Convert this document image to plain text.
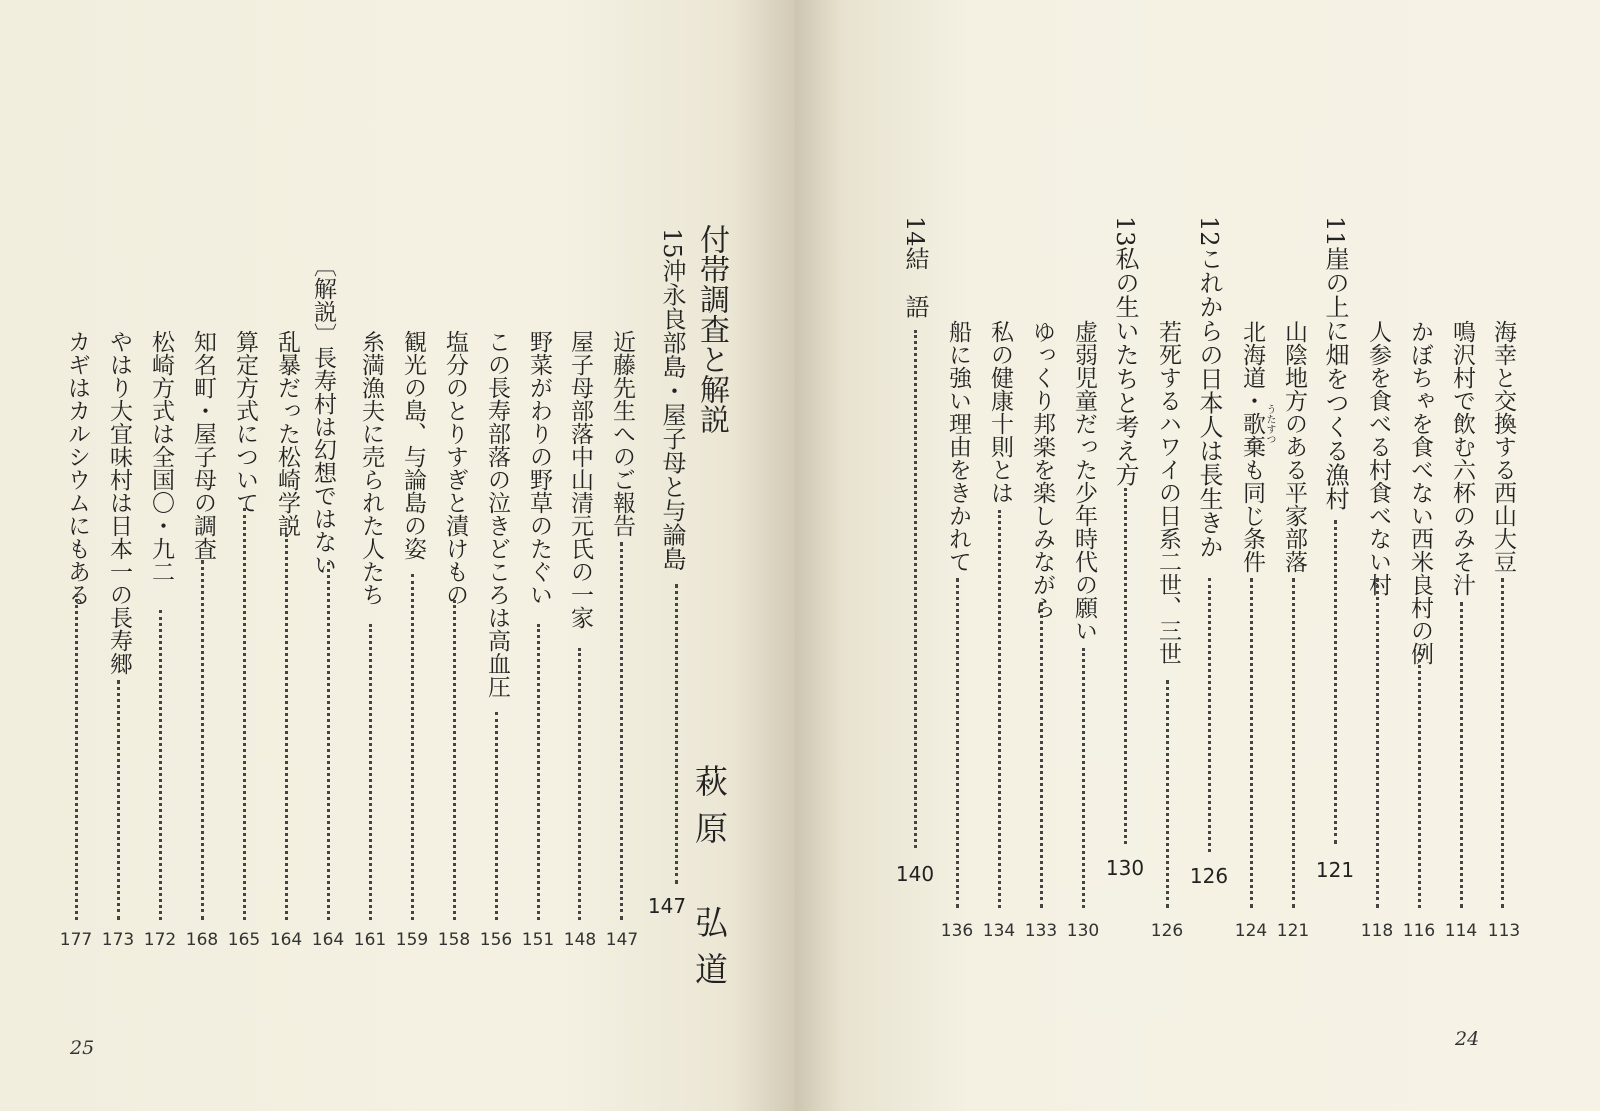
付帯調査と解説
15沖永良部島・屋子母と与論島
147 萩原　弘道
近藤先生へのご報告
147
屋子母部落中山清元氏の一家
148
野菜がわりの野草のたぐい
151
この長寿部落の泣きどころは高血圧
156
塩分のとりすぎと漬けもの
158
観光の島、与論島の姿
159
糸満漁夫に売られた人たち
161
〔解説〕長寿村は幻想ではない
164
乱暴だった松崎学説
164
算定方式について
165
知名町・屋子母の調査
168
松崎方式は全国〇・九二
172
やはり大宜味村は日本一の長寿郷
173
カギはカルシウムにもある
177
25
海幸と交換する西山大豆
113
鳴沢村で飲む六杯のみそ汁
114
かぼちゃを食べない西米良村の例
116
人参を食べる村食べない村
118
11崖の上に畑をつくる漁村
121
山陰地方のある平家部落
121
北海道・歌棄も同じ条件 うたすつ
124
12これからの日本人は長生きか
126
若死するハワイの日系二世、三世
126
13私の生いたちと考え方
130
虚弱児童だった少年時代の願い
130
ゆっくり邦楽を楽しみながら
133
私の健康十則とは
134
船に強い理由をきかれて
136
14結　語
140
24
